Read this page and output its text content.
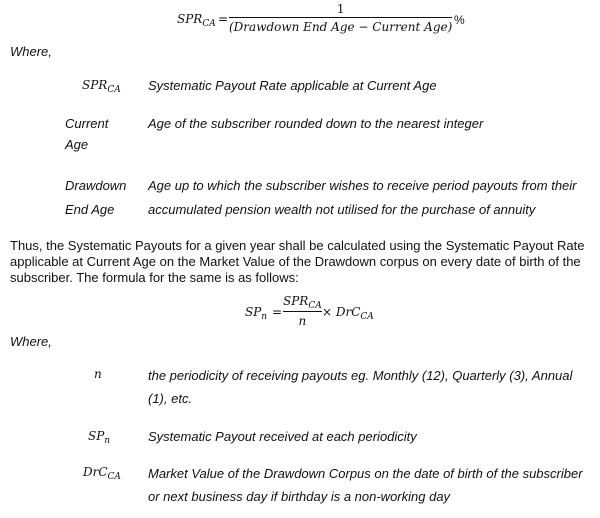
$SPR_{CA}$ =
1
(Drawdown End Age − Current Age) %
Where,
$SPR_{CA}$ Systematic Payout Rate applicable at Current Age
Current
Age
Age of the subscriber rounded down to the nearest integer
Drawdown
End Age
Age up to which the subscriber wishes to receive period payouts from their accumulated pension wealth not utilised for the purchase of annuity
Thus, the Systematic Payouts for a given year shall be calculated using the Systematic Payout Rate applicable at Current Age on the Market Value of the Drawdown corpus on every date of birth of the subscriber. The formula for the same is as follows:
$SP_n$ =
$SPR_{CA}$
n
× DrC$_{CA}$
Where,
n	the periodicity of receiving payouts eg. Monthly (12), Quarterly (3), Annual (1), etc.
$SP_n$	Systematic Payout received at each periodicity
DrC$_{CA}$ Market Value of the Drawdown Corpus on the date of birth of the subscriber or next business day if birthday is a non-working day
